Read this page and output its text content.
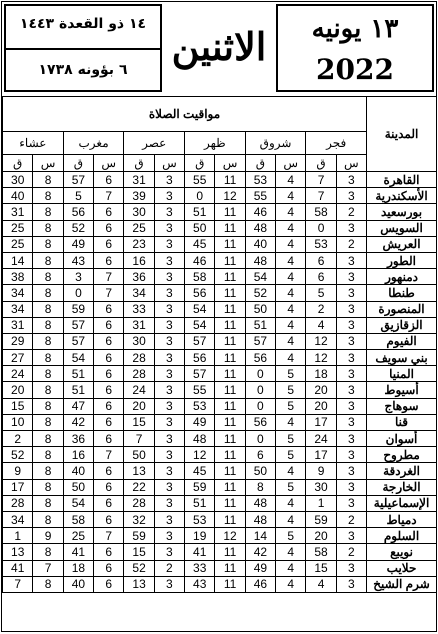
١٣ يونيه
2022
الاثنين
١٤ ذو القعدة ١٤٤٣
٦ بؤونه ١٧٣٨
المدينة	مواقيت الصلاة											
	فجر		شروق		ظهر		عصر		مغرب		عشاء	
	س	ق	س	ق	س	ق	س	ق	س	ق	س	ق
القاهرة	3	7	4	53	11	55	3	31	6	57	8	30
الأسكندرية	3	7	4	55	12	0	3	39	7	5	8	40
بورسعيد	2	58	4	46	11	51	3	30	6	56	8	31
السويس	3	0	4	48	11	50	3	25	6	52	8	25
العريش	2	53	4	40	11	45	3	23	6	49	8	25
الطور	3	6	4	48	11	46	3	16	6	43	8	14
دمنهور	3	6	4	54	11	58	3	36	7	3	8	38
طنطا	3	5	4	52	11	56	3	34	7	0	8	34
المنصورة	3	2	4	50	11	54	3	33	6	59	8	34
الزقازيق	3	4	4	51	11	54	3	31	6	57	8	31
الفيوم	3	12	4	57	11	57	3	30	6	57	8	29
بني سويف	3	12	4	56	11	56	3	28	6	54	8	27
المنيا	3	18	5	0	11	57	3	28	6	51	8	24
أسيوط	3	20	5	0	11	55	3	24	6	51	8	20
سوهاج	3	20	5	0	11	53	3	20	6	47	8	15
قنا	3	17	4	56	11	49	3	15	6	42	8	10
أسوان	3	24	5	0	11	48	3	7	6	36	8	2
مطروح	3	17	5	6	11	12	3	50	7	16	8	52
الغردقة	3	9	4	50	11	45	3	13	6	40	8	9
الخارجة	3	30	5	8	11	59	3	22	6	50	8	17
الإسماعيلية	3	1	4	48	11	51	3	28	6	54	8	28
دمياط	2	59	4	48	11	53	3	32	6	58	8	34
السلوم	3	20	5	14	12	19	3	59	7	25	9	1
نويبع	2	58	4	42	11	41	3	15	6	41	8	13
حلايب	3	15	4	49	11	33	2	52	6	18	7	41
شرم الشيخ	3	4	4	46	11	43	3	13	6	40	8	7
